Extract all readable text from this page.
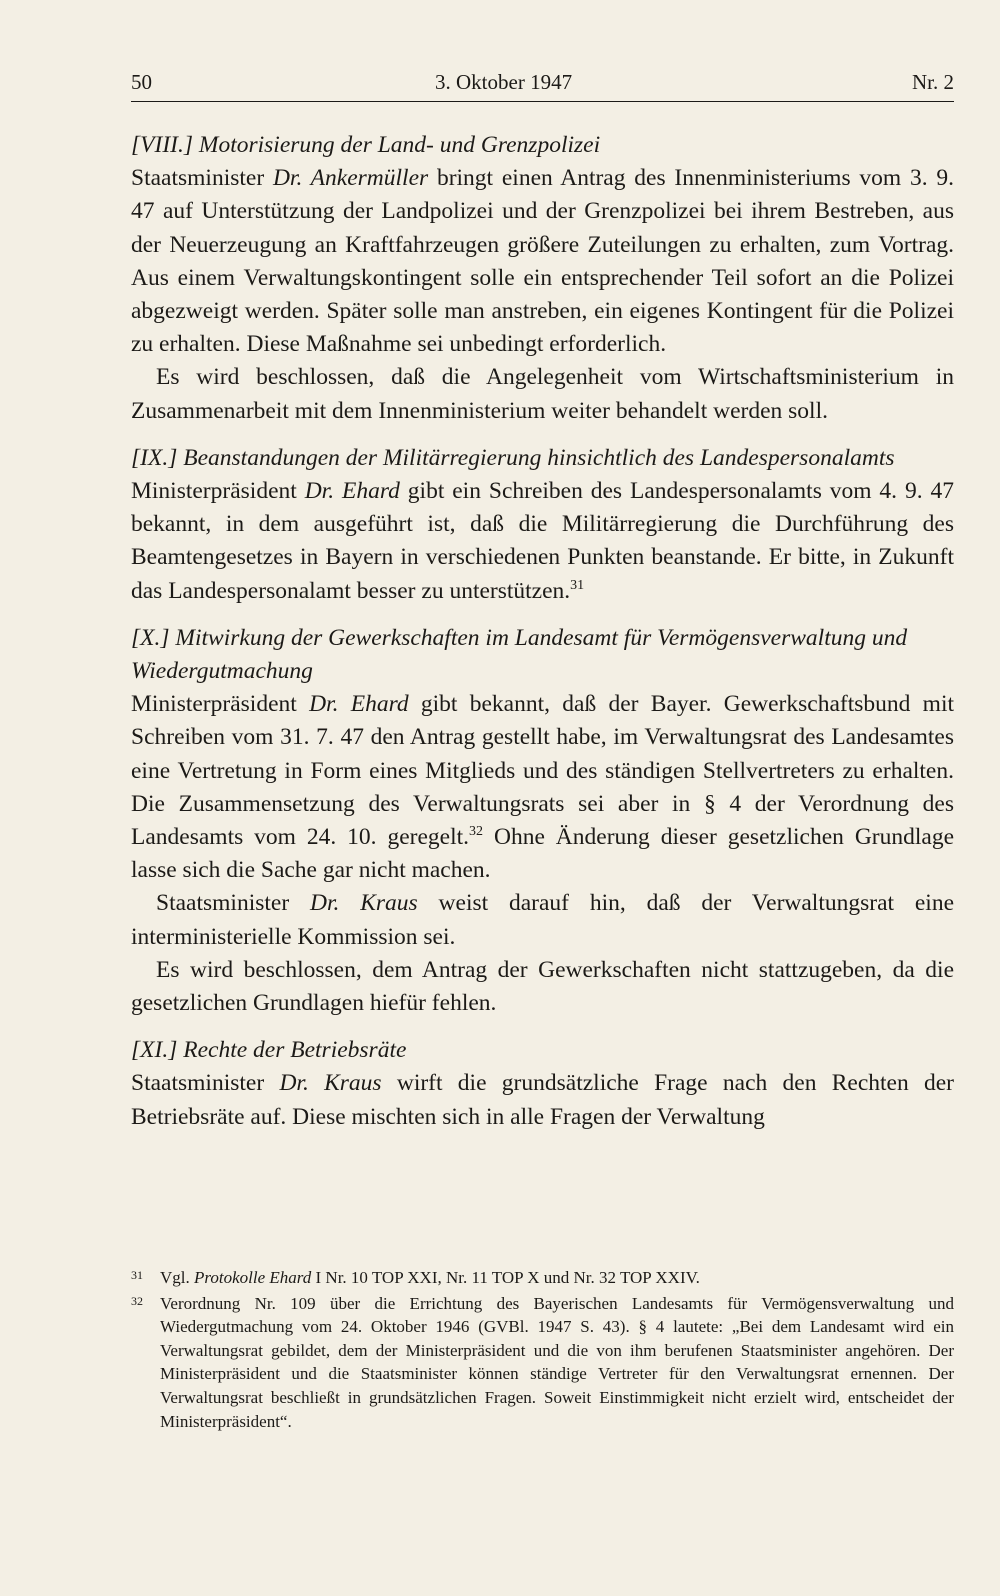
50	3. Oktober 1947	Nr. 2

[VIII.] Motorisierung der Land- und Grenzpolizei

Staatsminister Dr. Ankermüller bringt einen Antrag des Innenministeriums vom 3. 9. 47 auf Unterstützung der Landpolizei und der Grenzpolizei bei ihrem Bestreben, aus der Neuerzeugung an Kraftfahrzeugen größere Zuteilungen zu erhalten, zum Vortrag. Aus einem Verwaltungskontingent solle ein entsprechender Teil sofort an die Polizei abgezweigt werden. Später solle man anstreben, ein eigenes Kontingent für die Polizei zu erhalten. Diese Maßnahme sei unbedingt erforderlich.

Es wird beschlossen, daß die Angelegenheit vom Wirtschaftsministerium in Zusammenarbeit mit dem Innenministerium weiter behandelt werden soll.

[IX.] Beanstandungen der Militärregierung hinsichtlich des Landespersonalamts

Ministerpräsident Dr. Ehard gibt ein Schreiben des Landespersonalamts vom 4. 9. 47 bekannt, in dem ausgeführt ist, daß die Militärregierung die Durchführung des Beamtengesetzes in Bayern in verschiedenen Punkten beanstande. Er bitte, in Zukunft das Landespersonalamt besser zu unterstützen.$^{31}$

[X.] Mitwirkung der Gewerkschaften im Landesamt für Vermögensverwaltung und Wiedergutmachung

Ministerpräsident Dr. Ehard gibt bekannt, daß der Bayer. Gewerkschaftsbund mit Schreiben vom 31. 7. 47 den Antrag gestellt habe, im Verwaltungsrat des Landesamtes eine Vertretung in Form eines Mitglieds und des ständigen Stellvertreters zu erhalten. Die Zusammensetzung des Verwaltungsrats sei aber in § 4 der Verordnung des Landesamts vom 24. 10. geregelt.$^{32}$ Ohne Änderung dieser gesetzlichen Grundlage lasse sich die Sache gar nicht machen.

Staatsminister Dr. Kraus weist darauf hin, daß der Verwaltungsrat eine interministerielle Kommission sei.

Es wird beschlossen, dem Antrag der Gewerkschaften nicht stattzugeben, da die gesetzlichen Grundlagen hiefür fehlen.

[XI.] Rechte der Betriebsräte

Staatsminister Dr. Kraus wirft die grundsätzliche Frage nach den Rechten der Betriebsräte auf. Diese mischten sich in alle Fragen der Verwaltung

31 Vgl. Protokolle Ehard I Nr. 10 TOP XXI, Nr. 11 TOP X und Nr. 32 TOP XXIV.
32 Verordnung Nr. 109 über die Errichtung des Bayerischen Landesamts für Vermögensverwaltung und Wiedergutmachung vom 24. Oktober 1946 (GVBl. 1947 S. 43). § 4 lautete: „Bei dem Landesamt wird ein Verwaltungsrat gebildet, dem der Ministerpräsident und die von ihm berufenen Staatsminister angehören. Der Ministerpräsident und die Staatsminister können ständige Vertreter für den Verwaltungsrat ernennen. Der Verwaltungsrat beschließt in grundsätzlichen Fragen. Soweit Einstimmigkeit nicht erzielt wird, entscheidet der Ministerpräsident“.
